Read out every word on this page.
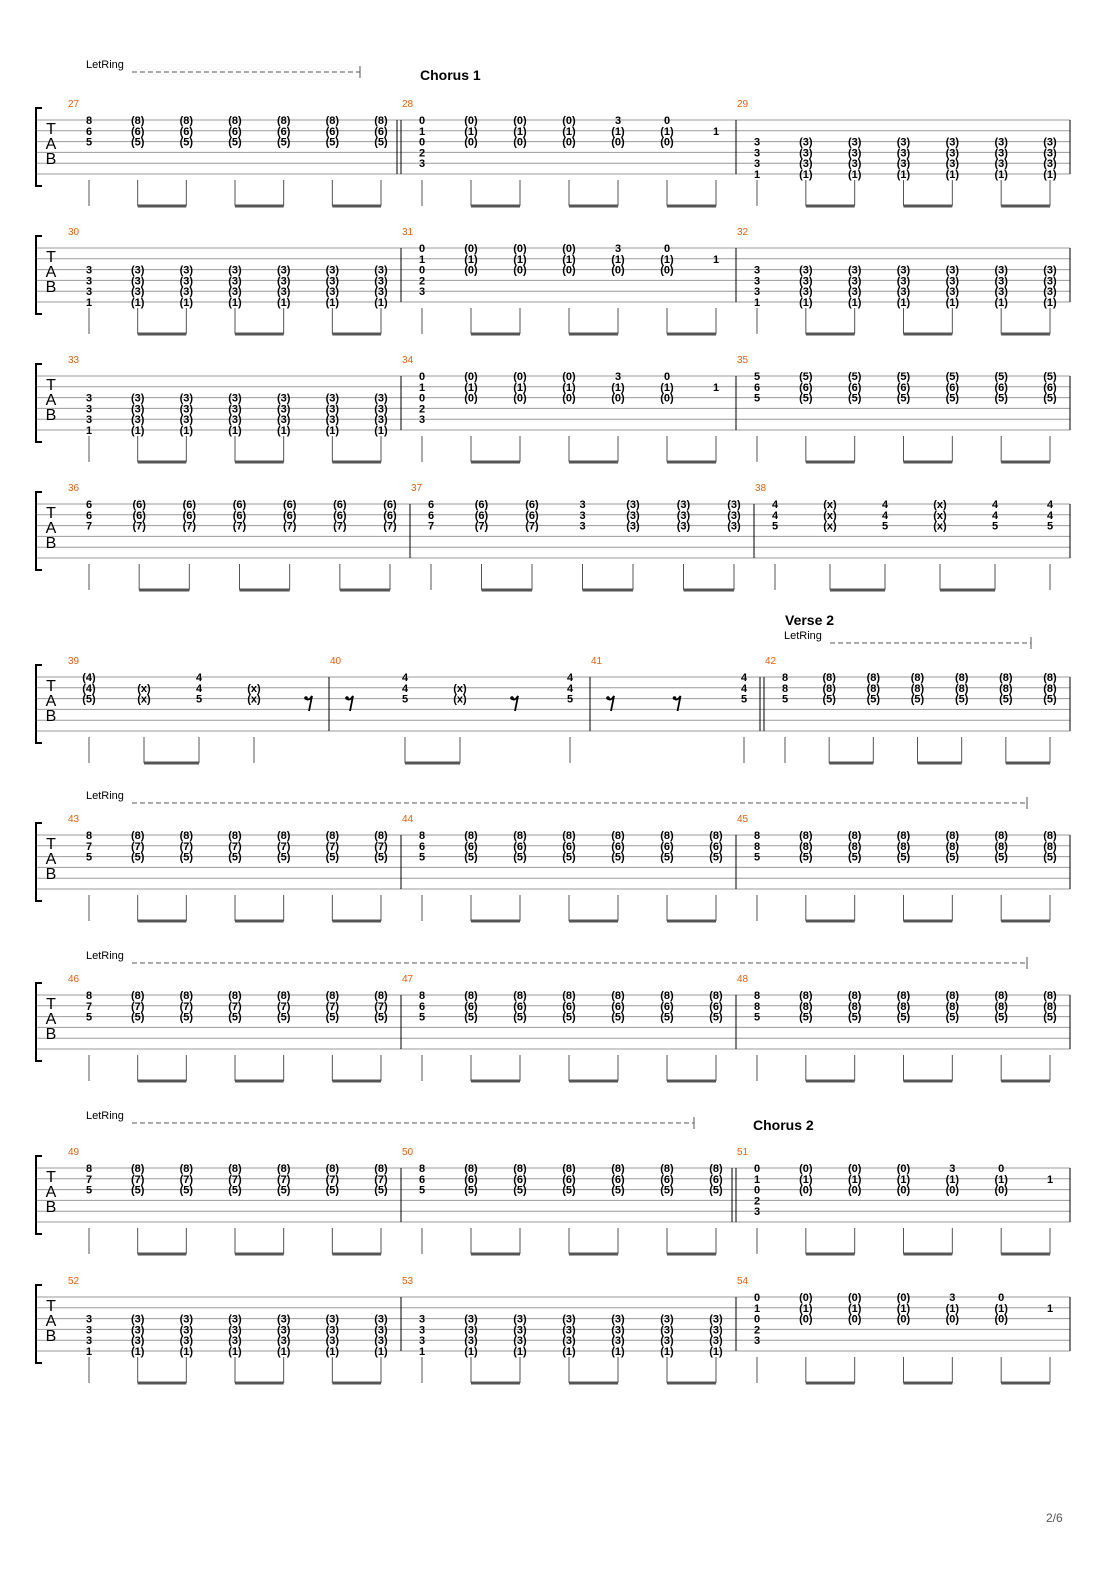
T
A
B
LetRing
27
8
6
5
(8)
(6)
(5)
(8)
(6)
(5)
(8)
(6)
(5)
(8)
(6)
(5)
(8)
(6)
(5)
(8)
(6)
(5)
28
Chorus 1
0
1
0
2
3
(0)
(1)
(0)
(0)
(1)
(0)
(0)
(1)
(0)
3
(1)
(0)
0
(1)
(0)
1
29
3
3
3
1
(3)
(3)
(3)
(1)
(3)
(3)
(3)
(1)
(3)
(3)
(3)
(1)
(3)
(3)
(3)
(1)
(3)
(3)
(3)
(1)
(3)
(3)
(3)
(1)
T
A
B
30
3
3
3
1
(3)
(3)
(3)
(1)
(3)
(3)
(3)
(1)
(3)
(3)
(3)
(1)
(3)
(3)
(3)
(1)
(3)
(3)
(3)
(1)
(3)
(3)
(3)
(1)
31
0
1
0
2
3
(0)
(1)
(0)
(0)
(1)
(0)
(0)
(1)
(0)
3
(1)
(0)
0
(1)
(0)
1
32
3
3
3
1
(3)
(3)
(3)
(1)
(3)
(3)
(3)
(1)
(3)
(3)
(3)
(1)
(3)
(3)
(3)
(1)
(3)
(3)
(3)
(1)
(3)
(3)
(3)
(1)
T
A
B
33
3
3
3
1
(3)
(3)
(3)
(1)
(3)
(3)
(3)
(1)
(3)
(3)
(3)
(1)
(3)
(3)
(3)
(1)
(3)
(3)
(3)
(1)
(3)
(3)
(3)
(1)
34
0
1
0
2
3
(0)
(1)
(0)
(0)
(1)
(0)
(0)
(1)
(0)
3
(1)
(0)
0
(1)
(0)
1
35
5
6
5
(5)
(6)
(5)
(5)
(6)
(5)
(5)
(6)
(5)
(5)
(6)
(5)
(5)
(6)
(5)
(5)
(6)
(5)
T
A
B
36
6
6
7
(6)
(6)
(7)
(6)
(6)
(7)
(6)
(6)
(7)
(6)
(6)
(7)
(6)
(6)
(7)
(6)
(6)
(7)
37
6
6
7
(6)
(6)
(7)
(6)
(6)
(7)
3
3
3
(3)
(3)
(3)
(3)
(3)
(3)
(3)
(3)
(3)
38
4
4
5
(x)
(x)
(x)
4
4
5
(x)
(x)
(x)
4
4
5
4
4
5
T
A
B
LetRing
39
(4)
(4)
(5)
(x)
(x)
4
4
5
(x)
(x)
40
4
4
5
(x)
(x)
4
4
5
41
4
4
5
42
Verse 2
8
8
5
(8)
(8)
(5)
(8)
(8)
(5)
(8)
(8)
(5)
(8)
(8)
(5)
(8)
(8)
(5)
(8)
(8)
(5)
T
A
B
LetRing
43
8
7
5
(8)
(7)
(5)
(8)
(7)
(5)
(8)
(7)
(5)
(8)
(7)
(5)
(8)
(7)
(5)
(8)
(7)
(5)
44
8
6
5
(8)
(6)
(5)
(8)
(6)
(5)
(8)
(6)
(5)
(8)
(6)
(5)
(8)
(6)
(5)
(8)
(6)
(5)
45
8
8
5
(8)
(8)
(5)
(8)
(8)
(5)
(8)
(8)
(5)
(8)
(8)
(5)
(8)
(8)
(5)
(8)
(8)
(5)
T
A
B
LetRing
46
8
7
5
(8)
(7)
(5)
(8)
(7)
(5)
(8)
(7)
(5)
(8)
(7)
(5)
(8)
(7)
(5)
(8)
(7)
(5)
47
8
6
5
(8)
(6)
(5)
(8)
(6)
(5)
(8)
(6)
(5)
(8)
(6)
(5)
(8)
(6)
(5)
(8)
(6)
(5)
48
8
8
5
(8)
(8)
(5)
(8)
(8)
(5)
(8)
(8)
(5)
(8)
(8)
(5)
(8)
(8)
(5)
(8)
(8)
(5)
T
A
B
LetRing
49
8
7
5
(8)
(7)
(5)
(8)
(7)
(5)
(8)
(7)
(5)
(8)
(7)
(5)
(8)
(7)
(5)
(8)
(7)
(5)
50
8
6
5
(8)
(6)
(5)
(8)
(6)
(5)
(8)
(6)
(5)
(8)
(6)
(5)
(8)
(6)
(5)
(8)
(6)
(5)
51
Chorus 2
0
1
0
2
3
(0)
(1)
(0)
(0)
(1)
(0)
(0)
(1)
(0)
3
(1)
(0)
0
(1)
(0)
1
T
A
B
52
3
3
3
1
(3)
(3)
(3)
(1)
(3)
(3)
(3)
(1)
(3)
(3)
(3)
(1)
(3)
(3)
(3)
(1)
(3)
(3)
(3)
(1)
(3)
(3)
(3)
(1)
53
3
3
3
1
(3)
(3)
(3)
(1)
(3)
(3)
(3)
(1)
(3)
(3)
(3)
(1)
(3)
(3)
(3)
(1)
(3)
(3)
(3)
(1)
(3)
(3)
(3)
(1)
54
0
1
0
2
3
(0)
(1)
(0)
(0)
(1)
(0)
(0)
(1)
(0)
3
(1)
(0)
0
(1)
(0)
1
2/6
